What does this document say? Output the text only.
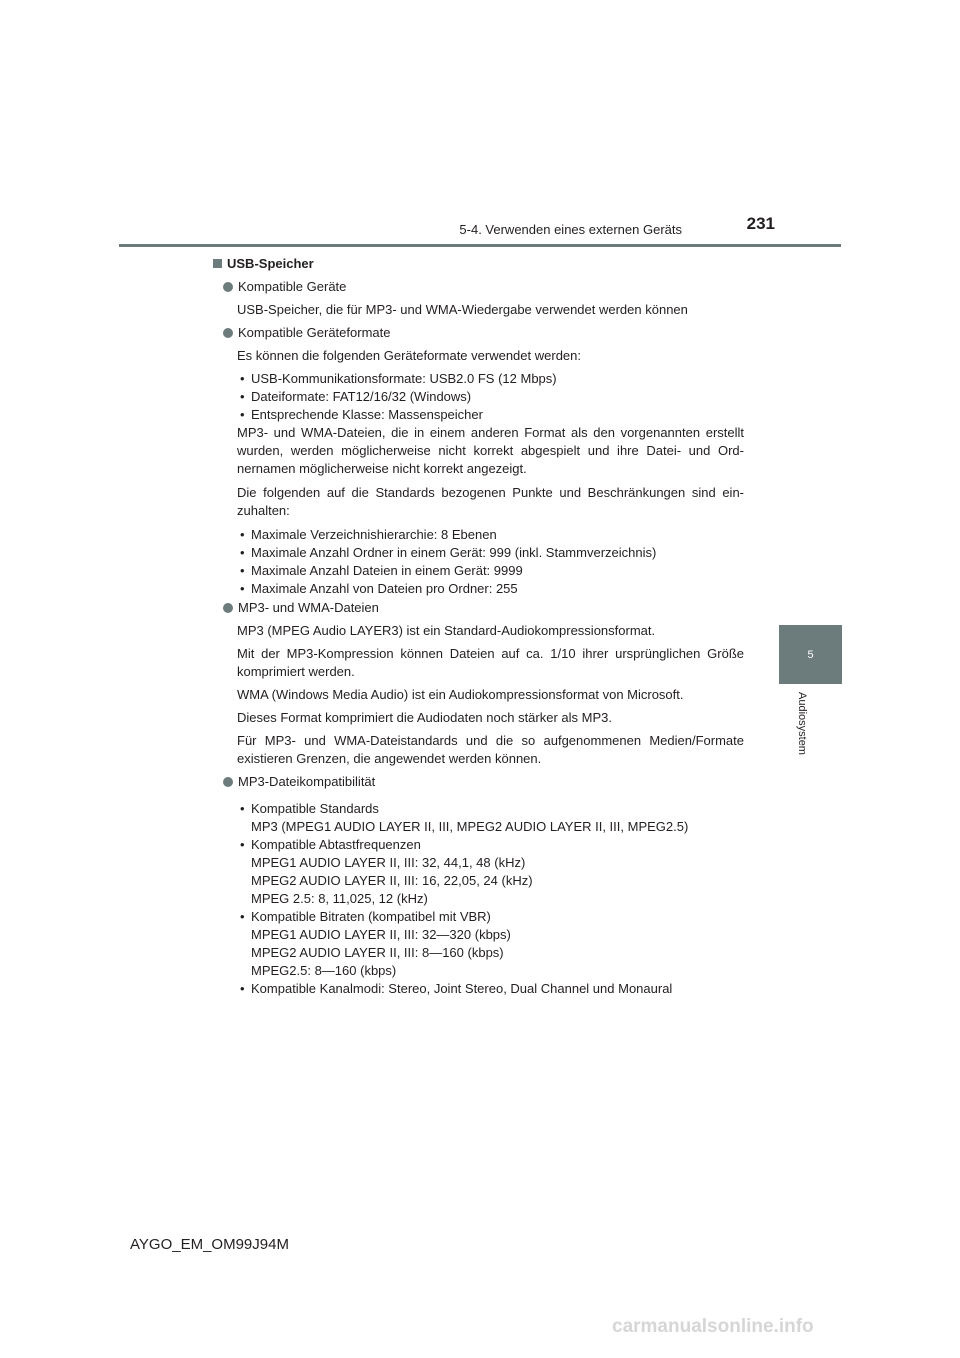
5-4. Verwenden eines externen Geräts	231
5
Audiosystem
USB-Speicher
Kompatible Geräte
USB-Speicher, die für MP3- und WMA-Wiedergabe verwendet werden können
Kompatible Geräteformate
Es können die folgenden Geräteformate verwendet werden:
• USB-Kommunikationsformate: USB2.0 FS (12 Mbps)
• Dateiformate: FAT12/16/32 (Windows)
• Entsprechende Klasse: Massenspeicher
MP3- und WMA-Dateien, die in einem anderen Format als den vorgenannten erstellt wurden, werden möglicherweise nicht korrekt abgespielt und ihre Datei- und Ord-nernamen möglicherweise nicht korrekt angezeigt.
Die folgenden auf die Standards bezogenen Punkte und Beschränkungen sind ein-zuhalten:
• Maximale Verzeichnishierarchie: 8 Ebenen
• Maximale Anzahl Ordner in einem Gerät: 999 (inkl. Stammverzeichnis)
• Maximale Anzahl Dateien in einem Gerät: 9999
• Maximale Anzahl von Dateien pro Ordner: 255
MP3- und WMA-Dateien
MP3 (MPEG Audio LAYER3) ist ein Standard-Audiokompressionsformat.
Mit der MP3-Kompression können Dateien auf ca. 1/10 ihrer ursprünglichen Größe komprimiert werden.
WMA (Windows Media Audio) ist ein Audiokompressionsformat von Microsoft.
Dieses Format komprimiert die Audiodaten noch stärker als MP3.
Für MP3- und WMA-Dateistandards und die so aufgenommenen Medien/Formate existieren Grenzen, die angewendet werden können.
MP3-Dateikompatibilität
• Kompatible Standards
MP3 (MPEG1 AUDIO LAYER II, III, MPEG2 AUDIO LAYER II, III, MPEG2.5)
• Kompatible Abtastfrequenzen
MPEG1 AUDIO LAYER II, III: 32, 44,1, 48 (kHz)
MPEG2 AUDIO LAYER II, III: 16, 22,05, 24 (kHz)
MPEG 2.5: 8, 11,025, 12 (kHz)
• Kompatible Bitraten (kompatibel mit VBR)
MPEG1 AUDIO LAYER II, III: 32—320 (kbps)
MPEG2 AUDIO LAYER II, III: 8—160 (kbps)
MPEG2.5: 8—160 (kbps)
• Kompatible Kanalmodi: Stereo, Joint Stereo, Dual Channel und Monaural
AYGO_EM_OM99J94M
carmanualsonline.info
